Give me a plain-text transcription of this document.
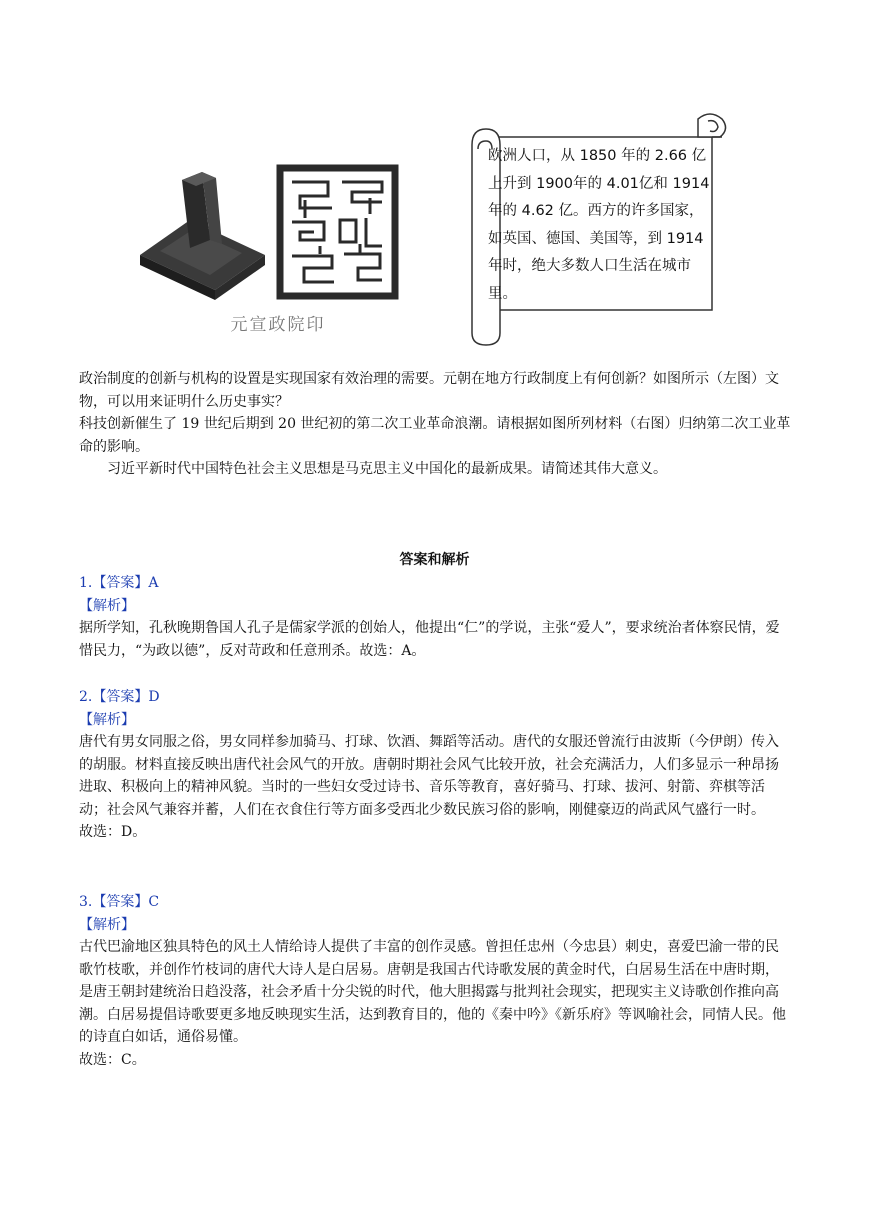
元宣政院印
欧洲人口，从 1850 年的 2.66 亿
上升到 1900年的 4.01亿和 1914
年的 4.62 亿。西方的许多国家，
如英国、德国、美国等，到 1914
年时，绝大多数人口生活在城市
里。
政治制度的创新与机构的设置是实现国家有效治理的需要。元朝在地方行政制度上有何创新？如图所示（左图）文物，可以用来证明什么历史事实？
科技创新催生了 19 世纪后期到 20 世纪初的第二次工业革命浪潮。请根据如图所列材料（右图）归纳第二次工业革命的影响。
习近平新时代中国特色社会主义思想是马克思主义中国化的最新成果。请简述其伟大意义。
答案和解析
1.【答案】A
【解析】

据所学知，孔秋晚期鲁国人孔子是儒家学派的创始人，他提出“仁”的学说，主张“爱人”，要求统治者体察民情，爱惜民力，“为政以德”，反对苛政和任意刑杀。故选：A。

2.【答案】D
【解析】

唐代有男女同服之俗，男女同样参加骑马、打球、饮酒、舞蹈等活动。唐代的女服还曾流行由波斯（今伊朗）传入的胡服。材料直接反映出唐代社会风气的开放。唐朝时期社会风气比较开放，社会充满活力，人们多显示一种昂扬进取、积极向上的精神风貌。当时的一些妇女受过诗书、音乐等教育，喜好骑马、打球、拔河、射箭、弈棋等活动；社会风气兼容并蓄，人们在衣食住行等方面多受西北少数民族习俗的影响，刚健豪迈的尚武风气盛行一时。

故选：D。
3.【答案】C
【解析】

古代巴渝地区独具特色的风土人情给诗人提供了丰富的创作灵感。曾担任忠州（今忠县）刺史，喜爱巴渝一带的民歌竹枝歌，并创作竹枝词的唐代大诗人是白居易。唐朝是我国古代诗歌发展的黄金时代，白居易生活在中唐时期，是唐王朝封建统治日趋没落，社会矛盾十分尖锐的时代，他大胆揭露与批判社会现实，把现实主义诗歌创作推向高潮。白居易提倡诗歌要更多地反映现实生活，达到教育目的，他的《秦中吟》《新乐府》等讽喻社会，同情人民。他的诗直白如话，通俗易懂。

故选：C。
